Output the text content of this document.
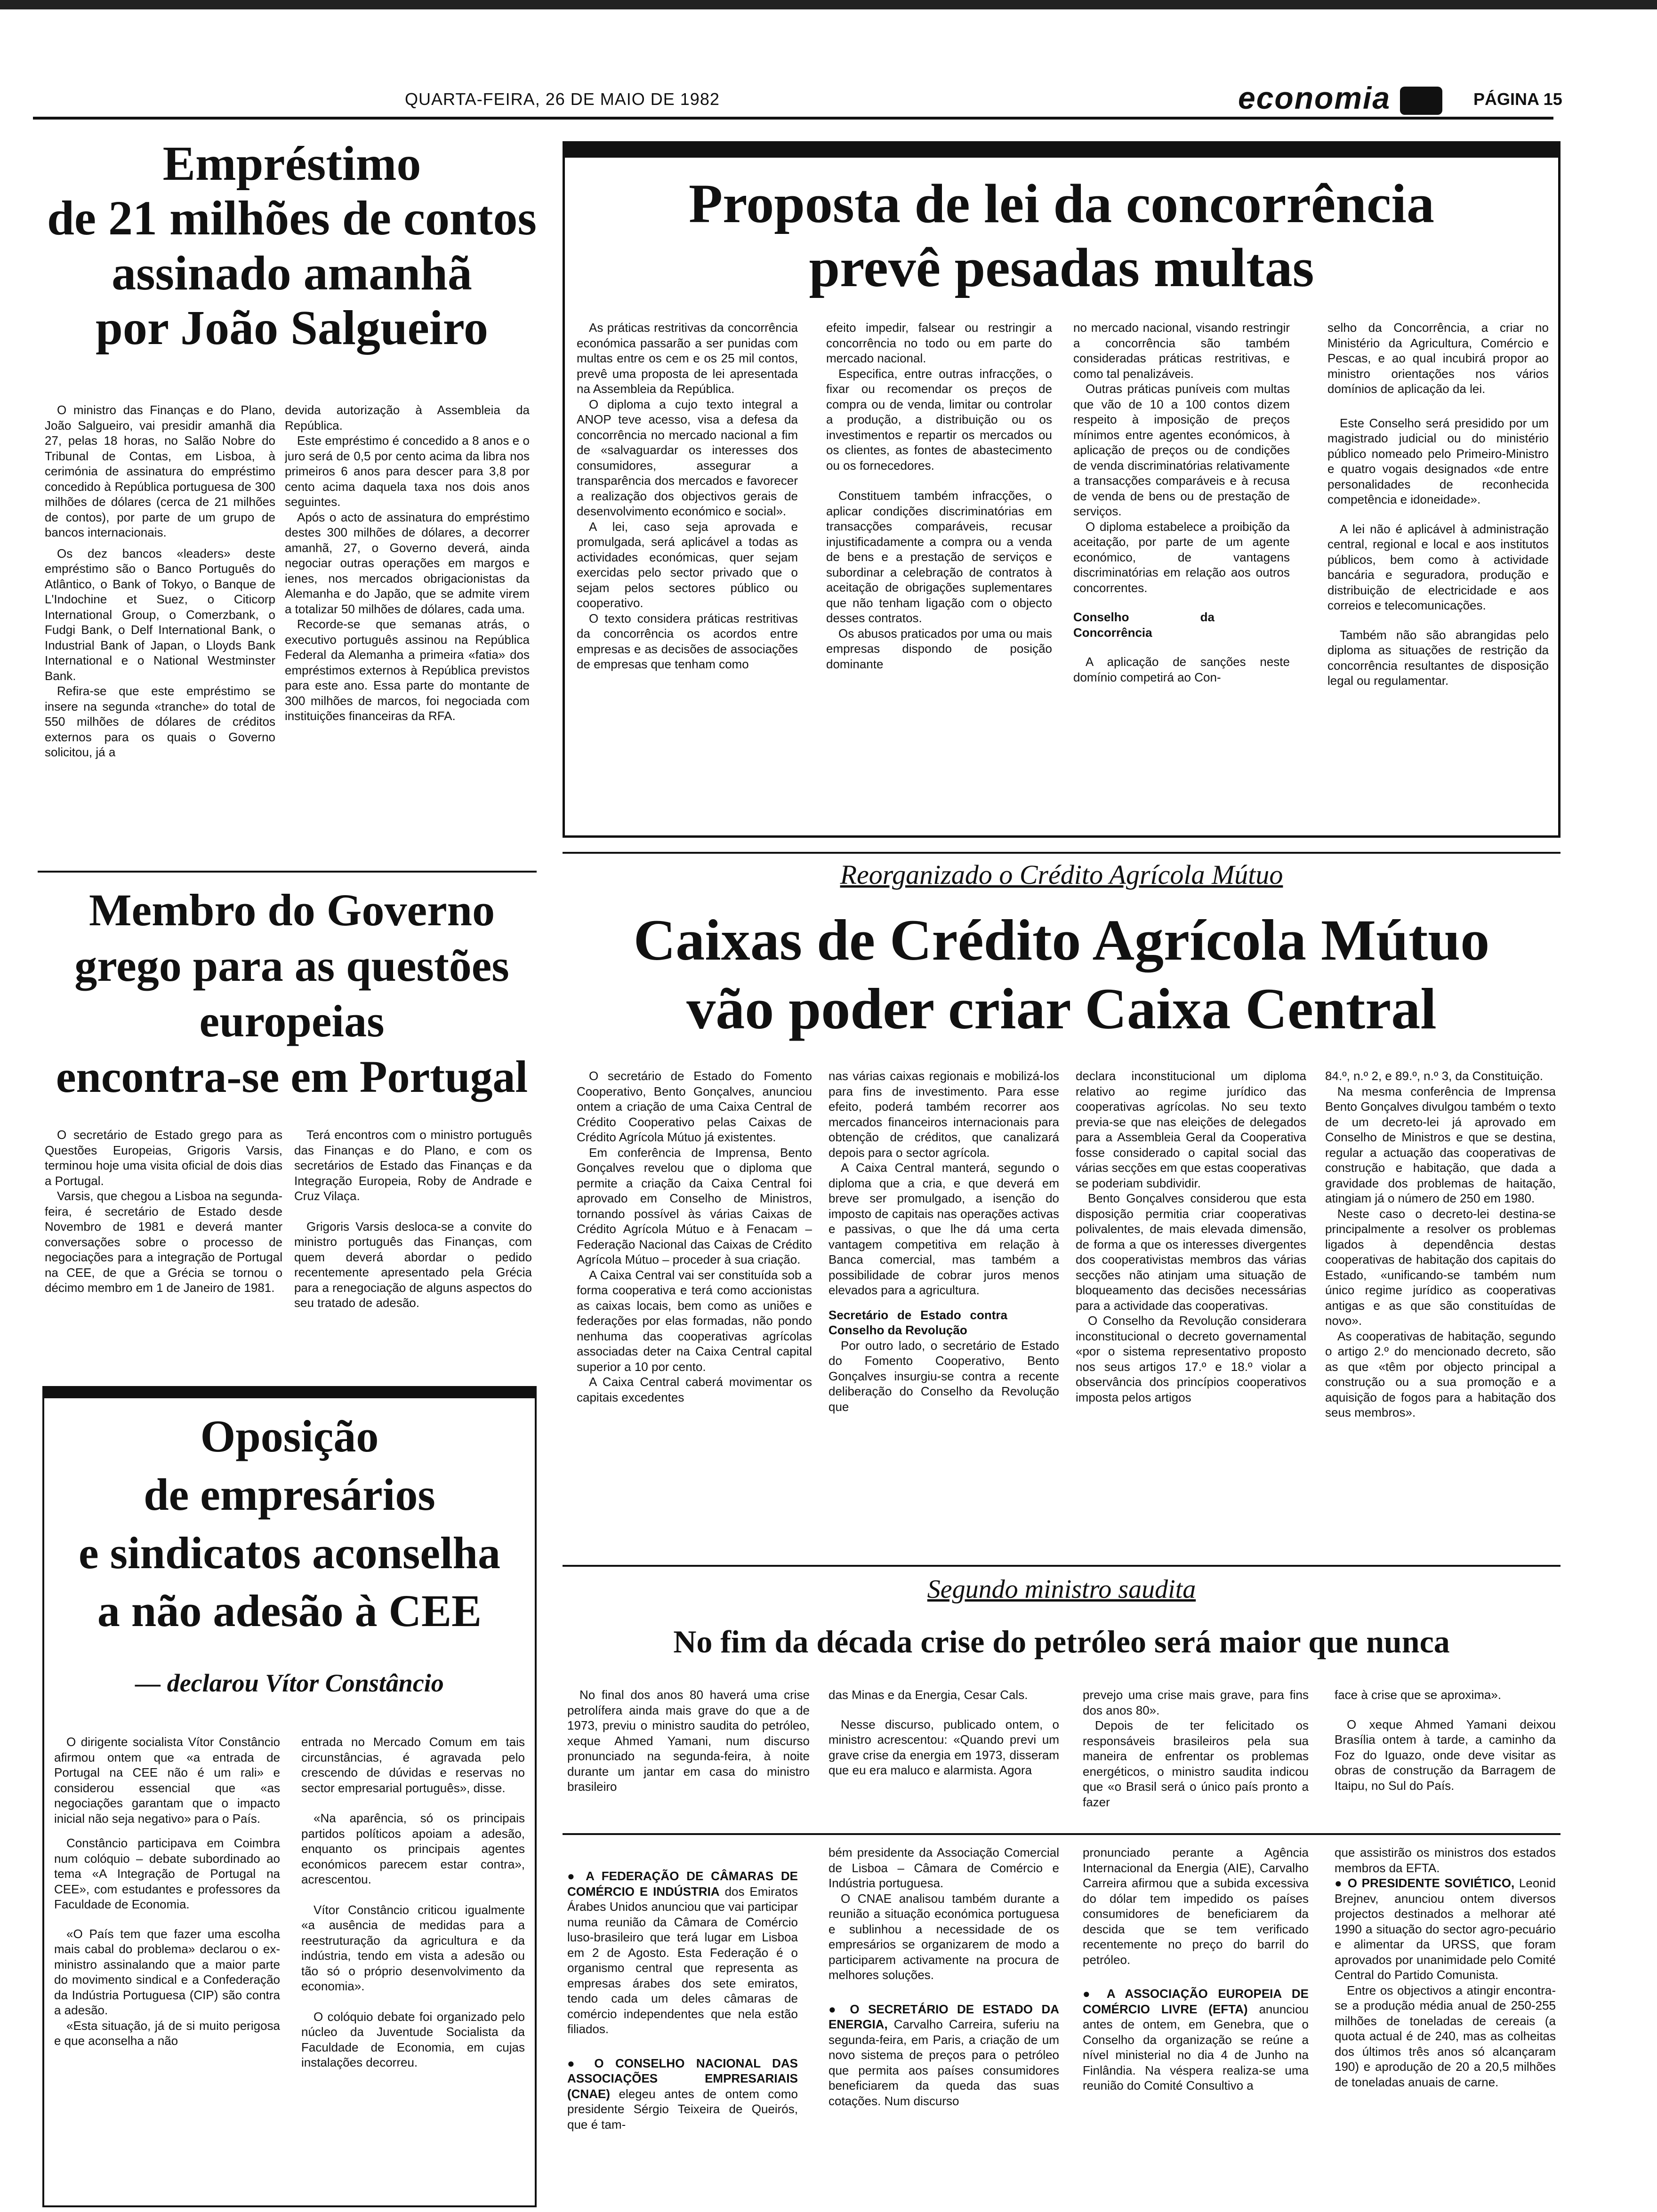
QUARTA-FEIRA, 26 DE MAIO DE 1982	economia	PÁGINA 15
Empréstimo
de 21 milhões de contos
assinado amanhã
por João Salgueiro

O ministro das Finanças e do Plano, João Salgueiro, vai presidir amanhã dia 27, pelas 18 horas, no Salão Nobre do Tribunal de Contas, em Lisboa, à cerimónia de assinatura do empréstimo concedido à República portuguesa de 300 milhões de dólares (cerca de 21 milhões de contos), por parte de um grupo de bancos internacionais.

Os dez bancos «leaders» deste empréstimo são o Banco Português do Atlântico, o Bank of Tokyo, o Banque de L'Indochine et Suez, o Citicorp International Group, o Comerzbank, o Fudgi Bank, o Delf International Bank, o Industrial Bank of Japan, o Lloyds Bank International e o National Westminster Bank.

Refira-se que este empréstimo se insere na segunda «tranche» do total de 550 milhões de dólares de créditos externos para os quais o Governo solicitou, já a

devida autorização à Assembleia da República.

Este empréstimo é concedido a 8 anos e o juro será de 0,5 por cento acima da libra nos primeiros 6 anos para descer para 3,8 por cento acima daquela taxa nos dois anos seguintes.

Após o acto de assinatura do empréstimo destes 300 milhões de dólares, a decorrer amanhã, 27, o Governo deverá, ainda negociar outras operações em margos e ienes, nos mercados obrigacionistas da Alemanha e do Japão, que se admite virem a totalizar 50 milhões de dólares, cada uma.

Recorde-se que semanas atrás, o executivo português assinou na República Federal da Alemanha a primeira «fatia» dos empréstimos externos à República previstos para este ano. Essa parte do montante de 300 milhões de marcos, foi negociada com instituições financeiras da RFA.

Proposta de lei da concorrência
prevê pesadas multas

As práticas restritivas da concorrência económica passarão a ser punidas com multas entre os cem e os 25 mil contos, prevê uma proposta de lei apresentada na Assembleia da República.

O diploma a cujo texto integral a ANOP teve acesso, visa a defesa da concorrência no mercado nacional a fim de «salvaguardar os interesses dos consumidores, assegurar a transparência dos mercados e favorecer a realização dos objectivos gerais de desenvolvimento económico e social».

A lei, caso seja aprovada e promulgada, será aplicável a todas as actividades económicas, quer sejam exercidas pelo sector privado que o sejam pelos sectores público ou cooperativo.

O texto considera práticas restritivas da concorrência os acordos entre empresas e as decisões de associações de empresas que tenham como

efeito impedir, falsear ou restringir a concorrência no todo ou em parte do mercado nacional.

Especifica, entre outras infracções, o fixar ou recomendar os preços de compra ou de venda, limitar ou controlar a produção, a distribuição ou os investimentos e repartir os mercados ou os clientes, as fontes de abastecimento ou os fornecedores.

Constituem também infracções, o aplicar condições discriminatórias em transacções comparáveis, recusar injustificadamente a compra ou a venda de bens e a prestação de serviços e subordinar a celebração de contratos à aceitação de obrigações suplementares que não tenham ligação com o objecto desses contratos.

Os abusos praticados por uma ou mais empresas dispondo de posição dominante

no mercado nacional, visando restringir a concorrência são também consideradas práticas restritivas, e como tal penalizáveis.

Outras práticas puníveis com multas que vão de 10 a 100 contos dizem respeito à imposição de preços mínimos entre agentes económicos, à aplicação de preços ou de condições de venda discriminatórias relativamente a transacções comparáveis e à recusa de venda de bens ou de prestação de serviços.

O diploma estabelece a proibição da aceitação, por parte de um agente económico, de vantagens discriminatórias em relação aos outros concorrentes.

Conselho da Concorrência

A aplicação de sanções neste domínio competirá ao Con-

selho da Concorrência, a criar no Ministério da Agricultura, Comércio e Pescas, e ao qual incubirá propor ao ministro orientações nos vários domínios de aplicação da lei.

Este Conselho será presidido por um magistrado judicial ou do ministério público nomeado pelo Primeiro-Ministro e quatro vogais designados «de entre personalidades de reconhecida competência e idoneidade».

A lei não é aplicável à administração central, regional e local e aos institutos públicos, bem como à actividade bancária e seguradora, produção e distribuição de electricidade e aos correios e telecomunicações.

Também não são abrangidas pelo diploma as situações de restrição da concorrência resultantes de disposição legal ou regulamentar.

Membro do Governo
grego para as questões
europeias
encontra-se em Portugal

O secretário de Estado grego para as Questões Europeias, Grigoris Varsis, terminou hoje uma visita oficial de dois dias a Portugal.

Varsis, que chegou a Lisboa na segunda-feira, é secretário de Estado desde Novembro de 1981 e deverá manter conversações sobre o processo de negociações para a integração de Portugal na CEE, de que a Grécia se tornou o décimo membro em 1 de Janeiro de 1981.

Terá encontros com o ministro português das Finanças e do Plano, e com os secretários de Estado das Finanças e da Integração Europeia, Roby de Andrade e Cruz Vilaça.

Grigoris Varsis desloca-se a convite do ministro português das Finanças, com quem deverá abordar o pedido recentemente apresentado pela Grécia para a renegociação de alguns aspectos do seu tratado de adesão.

Oposição
de empresários
e sindicatos aconselha
a não adesão à CEE
— declarou Vítor Constâncio

O dirigente socialista Vítor Constâncio afirmou ontem que «a entrada de Portugal na CEE não é um rali» e considerou essencial que «as negociações garantam que o impacto inicial não seja negativo» para o País.

Constâncio participava em Coimbra num colóquio – debate subordinado ao tema «A Integração de Portugal na CEE», com estudantes e professores da Faculdade de Economia.

«O País tem que fazer uma escolha mais cabal do problema» declarou o ex-ministro assinalando que a maior parte do movimento sindical e a Confederação da Indústria Portuguesa (CIP) são contra a adesão.

«Esta situação, já de si muito perigosa e que aconselha a não

entrada no Mercado Comum em tais circunstâncias, é agravada pelo crescendo de dúvidas e reservas no sector empresarial português», disse.

«Na aparência, só os principais partidos políticos apoiam a adesão, enquanto os principais agentes económicos parecem estar contra», acrescentou.

Vítor Constâncio criticou igualmente «a ausência de medidas para a reestruturação da agricultura e da indústria, tendo em vista a adesão ou tão só o próprio desenvolvimento da economia».

O colóquio debate foi organizado pelo núcleo da Juventude Socialista da Faculdade de Economia, em cujas instalações decorreu.

Reorganizado o Crédito Agrícola Mútuo
Caixas de Crédito Agrícola Mútuo
vão poder criar Caixa Central

O secretário de Estado do Fomento Cooperativo, Bento Gonçalves, anunciou ontem a criação de uma Caixa Central de Crédito Cooperativo pelas Caixas de Crédito Agrícola Mútuo já existentes.

Em conferência de Imprensa, Bento Gonçalves revelou que o diploma que permite a criação da Caixa Central foi aprovado em Conselho de Ministros, tornando possível às várias Caixas de Crédito Agrícola Mútuo e à Fenacam – Federação Nacional das Caixas de Crédito Agrícola Mútuo – proceder à sua criação.

A Caixa Central vai ser constituída sob a forma cooperativa e terá como accionistas as caixas locais, bem como as uniões e federações por elas formadas, não pondo nenhuma das cooperativas agrícolas associadas deter na Caixa Central capital superior a 10 por cento.

A Caixa Central caberá movimentar os capitais excedentes

nas várias caixas regionais e mobilizá-los para fins de investimento. Para esse efeito, poderá também recorrer aos mercados financeiros internacionais para obtenção de créditos, que canalizará depois para o sector agrícola.

A Caixa Central manterá, segundo o diploma que a cria, e que deverá em breve ser promulgado, a isenção do imposto de capitais nas operações activas e passivas, o que lhe dá uma certa vantagem competitiva em relação à Banca comercial, mas também a possibilidade de cobrar juros menos elevados para a agricultura.

Secretário de Estado contra Conselho da Revolução

Por outro lado, o secretário de Estado do Fomento Cooperativo, Bento Gonçalves insurgiu-se contra a recente deliberação do Conselho da Revolução que

declara inconstitucional um diploma relativo ao regime jurídico das cooperativas agrícolas. No seu texto previa-se que nas eleições de delegados para a Assembleia Geral da Cooperativa fosse considerado o capital social das várias secções em que estas cooperativas se poderiam subdividir.

Bento Gonçalves considerou que esta disposição permitia criar cooperativas polivalentes, de mais elevada dimensão, de forma a que os interesses divergentes dos cooperativistas membros das várias secções não atinjam uma situação de bloqueamento das decisões necessárias para a actividade das cooperativas.

O Conselho da Revolução considerara inconstitucional o decreto governamental «por o sistema representativo proposto nos seus artigos 17.º e 18.º violar a observância dos princípios cooperativos imposta pelos artigos

84.º, n.º 2, e 89.º, n.º 3, da Constituição.

Na mesma conferência de Imprensa Bento Gonçalves divulgou também o texto de um decreto-lei já aprovado em Conselho de Ministros e que se destina, regular a actuação das cooperativas de construção e habitação, que dada a gravidade dos problemas de haitação, atingiam já o número de 250 em 1980.

Neste caso o decreto-lei destina-se principalmente a resolver os problemas ligados à dependência destas cooperativas de habitação dos capitais do Estado, «unificando-se também num único regime jurídico as cooperativas antigas e as que são constituídas de novo».

As cooperativas de habitação, segundo o artigo 2.º do mencionado decreto, são as que «têm por objecto principal a construção ou a sua promoção e a aquisição de fogos para a habitação dos seus membros».

Segundo ministro saudita
No fim da década crise do petróleo será maior que nunca

No final dos anos 80 haverá uma crise petrolífera ainda mais grave do que a de 1973, previu o ministro saudita do petróleo, xeque Ahmed Yamani, num discurso pronunciado na segunda-feira, à noite durante um jantar em casa do ministro brasileiro

das Minas e da Energia, Cesar Cals.

Nesse discurso, publicado ontem, o ministro acrescentou: «Quando previ um grave crise da energia em 1973, disseram que eu era maluco e alarmista. Agora

prevejo uma crise mais grave, para fins dos anos 80».

Depois de ter felicitado os responsáveis brasileiros pela sua maneira de enfrentar os problemas energéticos, o ministro saudita indicou que «o Brasil será o único país pronto a fazer

face à crise que se aproxima».

O xeque Ahmed Yamani deixou Brasília ontem à tarde, a caminho da Foz do Iguazo, onde deve visitar as obras de construção da Barragem de Itaipu, no Sul do País.

● A FEDERAÇÃO DE CÂMARAS DE COMÉRCIO E INDÚSTRIA dos Emiratos Árabes Unidos anunciou que vai participar numa reunião da Câmara de Comércio luso-brasileiro que terá lugar em Lisboa em 2 de Agosto. Esta Federação é o organismo central que representa as empresas árabes dos sete emiratos, tendo cada um deles câmaras de comércio independentes que nela estão filiados.

● O CONSELHO NACIONAL DAS ASSOCIAÇÕES EMPRESARIAIS (CNAE) elegeu antes de ontem como presidente Sérgio Teixeira de Queirós, que é tam-

bém presidente da Associação Comercial de Lisboa – Câmara de Comércio e Indústria portuguesa.

O CNAE analisou também durante a reunião a situação económica portuguesa e sublinhou a necessidade de os empresários se organizarem de modo a participarem activamente na procura de melhores soluções.

● O SECRETÁRIO DE ESTADO DA ENERGIA, Carvalho Carreira, suferiu na segunda-feira, em Paris, a criação de um novo sistema de preços para o petróleo que permita aos países consumidores beneficiarem da queda das suas cotações. Num discurso

pronunciado perante a Agência Internacional da Energia (AIE), Carvalho Carreira afirmou que a subida excessiva do dólar tem impedido os países consumidores de beneficiarem da descida que se tem verificado recentemente no preço do barril do petróleo.

● A ASSOCIAÇÃO EUROPEIA DE COMÉRCIO LIVRE (EFTA) anunciou antes de ontem, em Genebra, que o Conselho da organização se reúne a nível ministerial no dia 4 de Junho na Finlândia. Na véspera realiza-se uma reunião do Comité Consultivo a

que assistirão os ministros dos estados membros da EFTA.

● O PRESIDENTE SOVIÉTICO, Leonid Brejnev, anunciou ontem diversos projectos destinados a melhorar até 1990 a situação do sector agro-pecuário e alimentar da URSS, que foram aprovados por unanimidade pelo Comité Central do Partido Comunista.

Entre os objectivos a atingir encontra-se a produção média anual de 250-255 milhões de toneladas de cereais (a quota actual é de 240, mas as colheitas dos últimos três anos só alcançaram 190) e aprodução de 20 a 20,5 milhões de toneladas anuais de carne.
